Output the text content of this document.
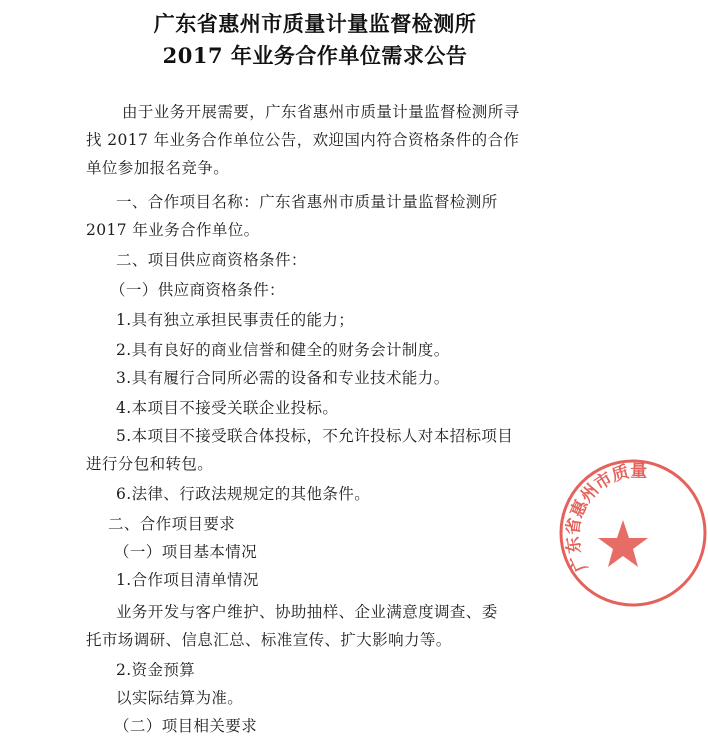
广东省惠州市质量计量监督检测所
2017 年业务合作单位需求公告
由于业务开展需要，广东省惠州市质量计量监督检测所寻
找 2017 年业务合作单位公告，欢迎国内符合资格条件的合作
单位参加报名竞争。
一、合作项目名称：广东省惠州市质量计量监督检测所
2017 年业务合作单位。
二、项目供应商资格条件：
（一）供应商资格条件：
1.具有独立承担民事责任的能力；
2.具有良好的商业信誉和健全的财务会计制度。
3.具有履行合同所必需的设备和专业技术能力。
4.本项目不接受关联企业投标。
5.本项目不接受联合体投标，不允许投标人对本招标项目
进行分包和转包。
6.法律、行政法规规定的其他条件。
二、合作项目要求
（一）项目基本情况
1.合作项目清单情况
业务开发与客户维护、协助抽样、企业满意度调查、委
托市场调研、信息汇总、标准宣传、扩大影响力等。
2.资金预算
以实际结算为准。
（二）项目相关要求
广东省惠州市质量
